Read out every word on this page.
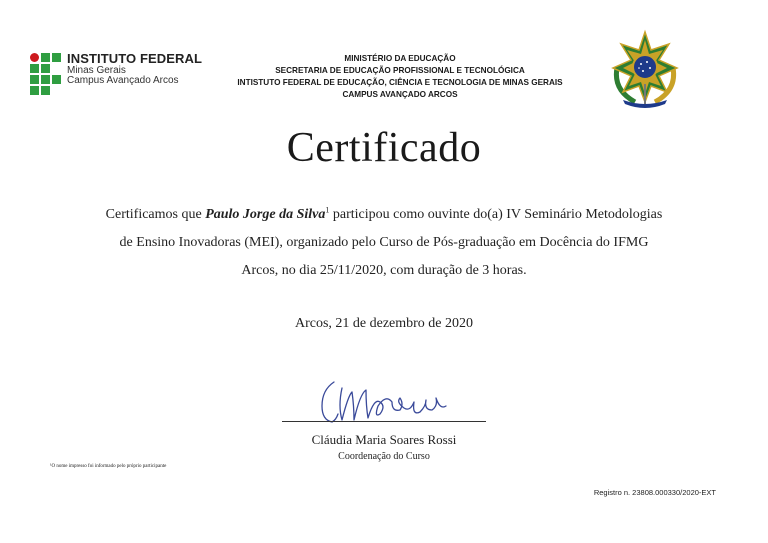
INSTITUTO FEDERAL
Minas Gerais
Campus Avançado Arcos
MINISTÉRIO DA EDUCAÇÃO
SECRETARIA DE EDUCAÇÃO PROFISSIONAL E TECNOLÓGICA
INTISTUTO FEDERAL DE EDUCAÇÃO, CIÊNCIA E TECNOLOGIA DE MINAS GERAIS
CAMPUS AVANÇADO ARCOS
Certificado
Certificamos que Paulo Jorge da Silva$^1$ participou como ouvinte do(a) IV Seminário Metodologias
de Ensino Inovadoras (MEI), organizado pelo Curso de Pós-graduação em Docência do IFMG
Arcos, no dia 25/11/2020, com duração de 3 horas.
Arcos, 21 de dezembro de 2020
Cláudia Maria Soares Rossi
Coordenação do Curso
¹O nome impresso foi informado pelo próprio participante
Registro n. 23808.000330/2020-EXT
